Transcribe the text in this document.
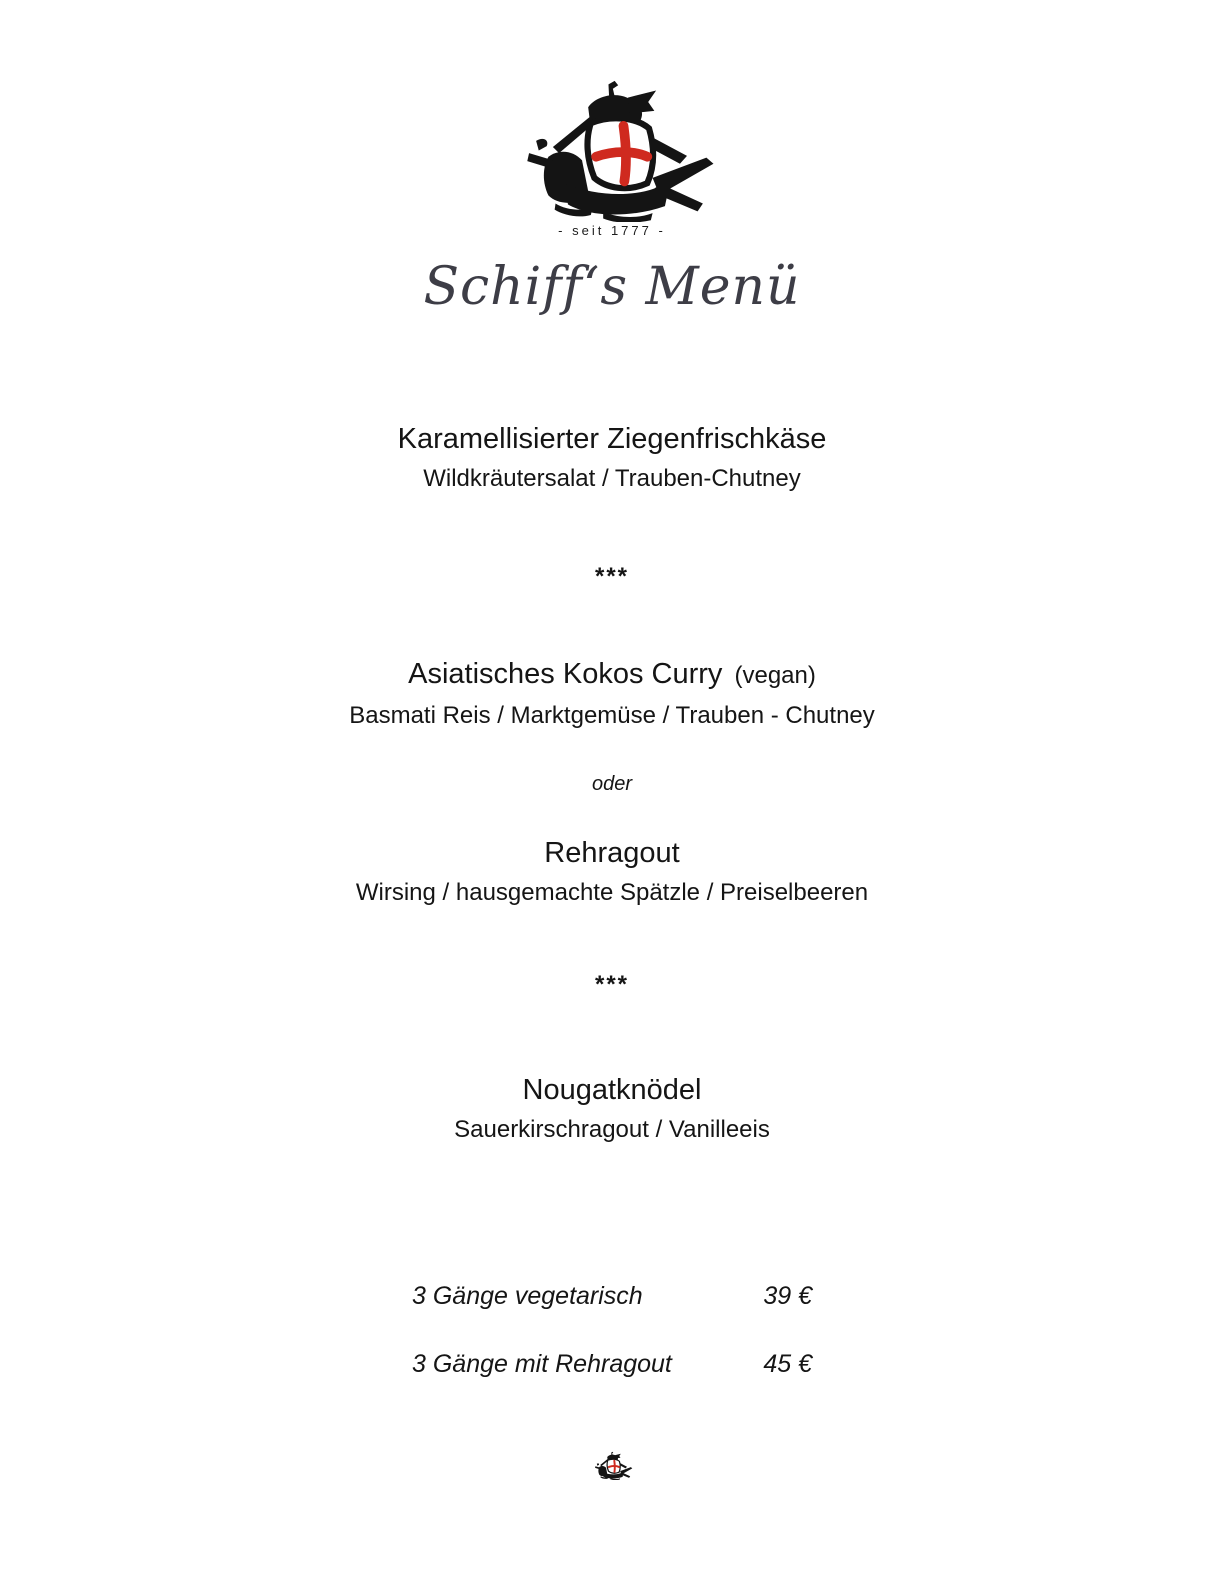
- seit 1777 -
Schiff‘s Menü
Karamellisierter Ziegenfrischkäse
Wildkräutersalat / Trauben-Chutney
***
Asiatisches Kokos Curry (vegan)
Basmati Reis / Marktgemüse / Trauben - Chutney
oder
Rehragout
Wirsing / hausgemachte Spätzle / Preiselbeeren
***
Nougatknödel
Sauerkirschragout / Vanilleeis
3 Gänge vegetarisch	39 €
3 Gänge mit Rehragout	45 €
